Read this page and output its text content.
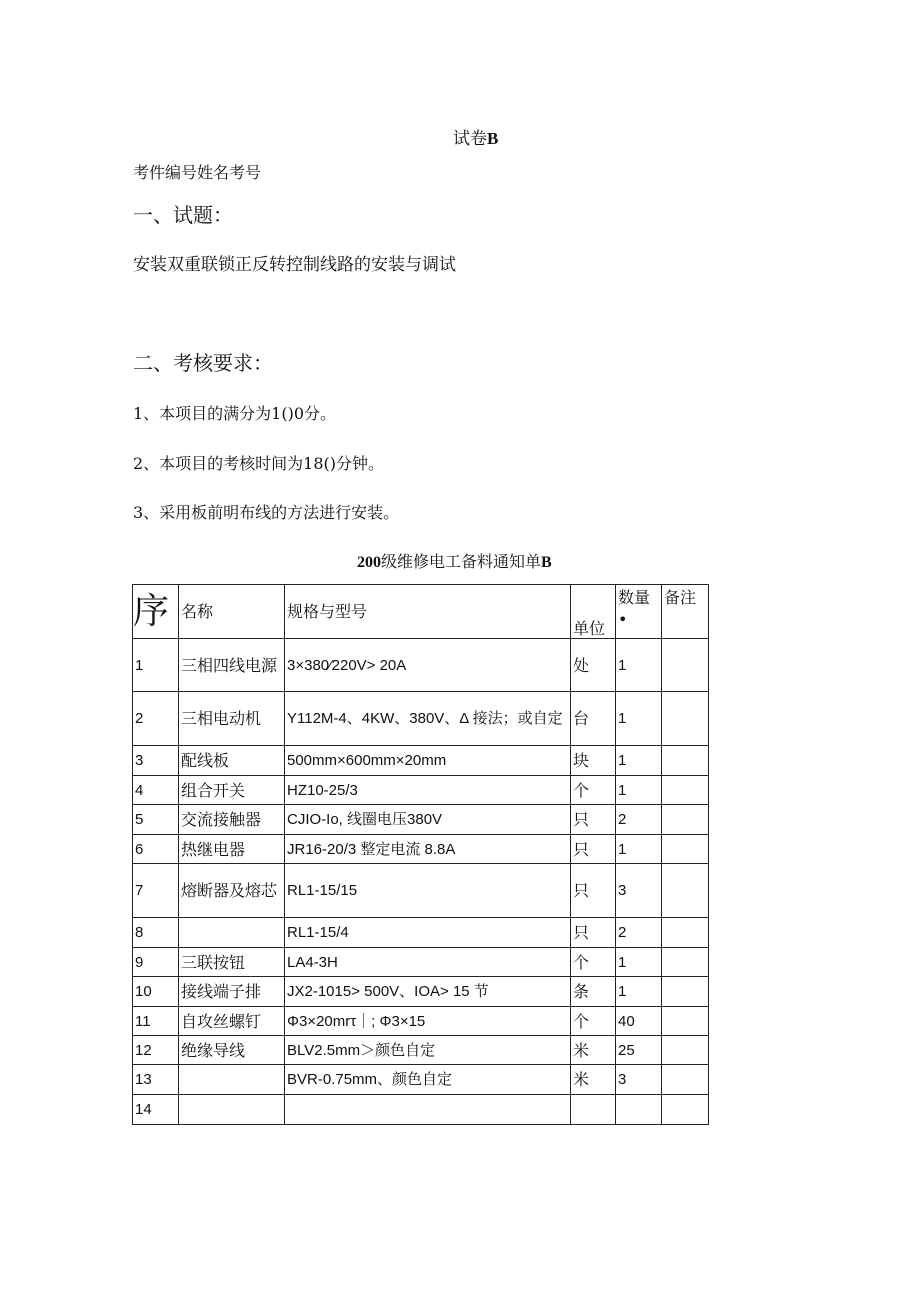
试卷B
考件编号姓名考号
一、试题：
安装双重联锁正反转控制线路的安装与调试
二、考核要求：
1、本项目的满分为1()0分。
2、本项目的考核时间为18()分钟。
3、采用板前明布线的方法进行安装。
200级维修电工备料通知单B
序	名称	规格与型号	单位	数量•	备注
1	三相四线电源	3×380⁄220V> 20A	处	1	
2	三相电动机	Y112M-4、4KW、380V、Δ 接法；或自定	台	1	
3	配线板	500mm×600mm×20mm	块	1	
4	组合开关	HZ10-25/3	个	1	
5	交流接触器	CJIO-Io, 线圈电压380V	只	2	
6	热继电器	JR16-20/3 整定电流 8.8A	只	1	
7	熔断器及熔芯	RL1-15/15	只	3	
8		RL1-15/4	只	2	
9	三联按钮	LA4-3H	个	1	
10	接线端子排	JX2-1015> 500V、IOA> 15 节	条	1	
11	自攻丝螺钉	Φ3×20mrτ｜; Φ3×15	个	40	
12	绝缘导线	BLV2.5mm＞颜色自定	米	25	
13		BVR-0.75mm、颜色自定	米	3	
14					
